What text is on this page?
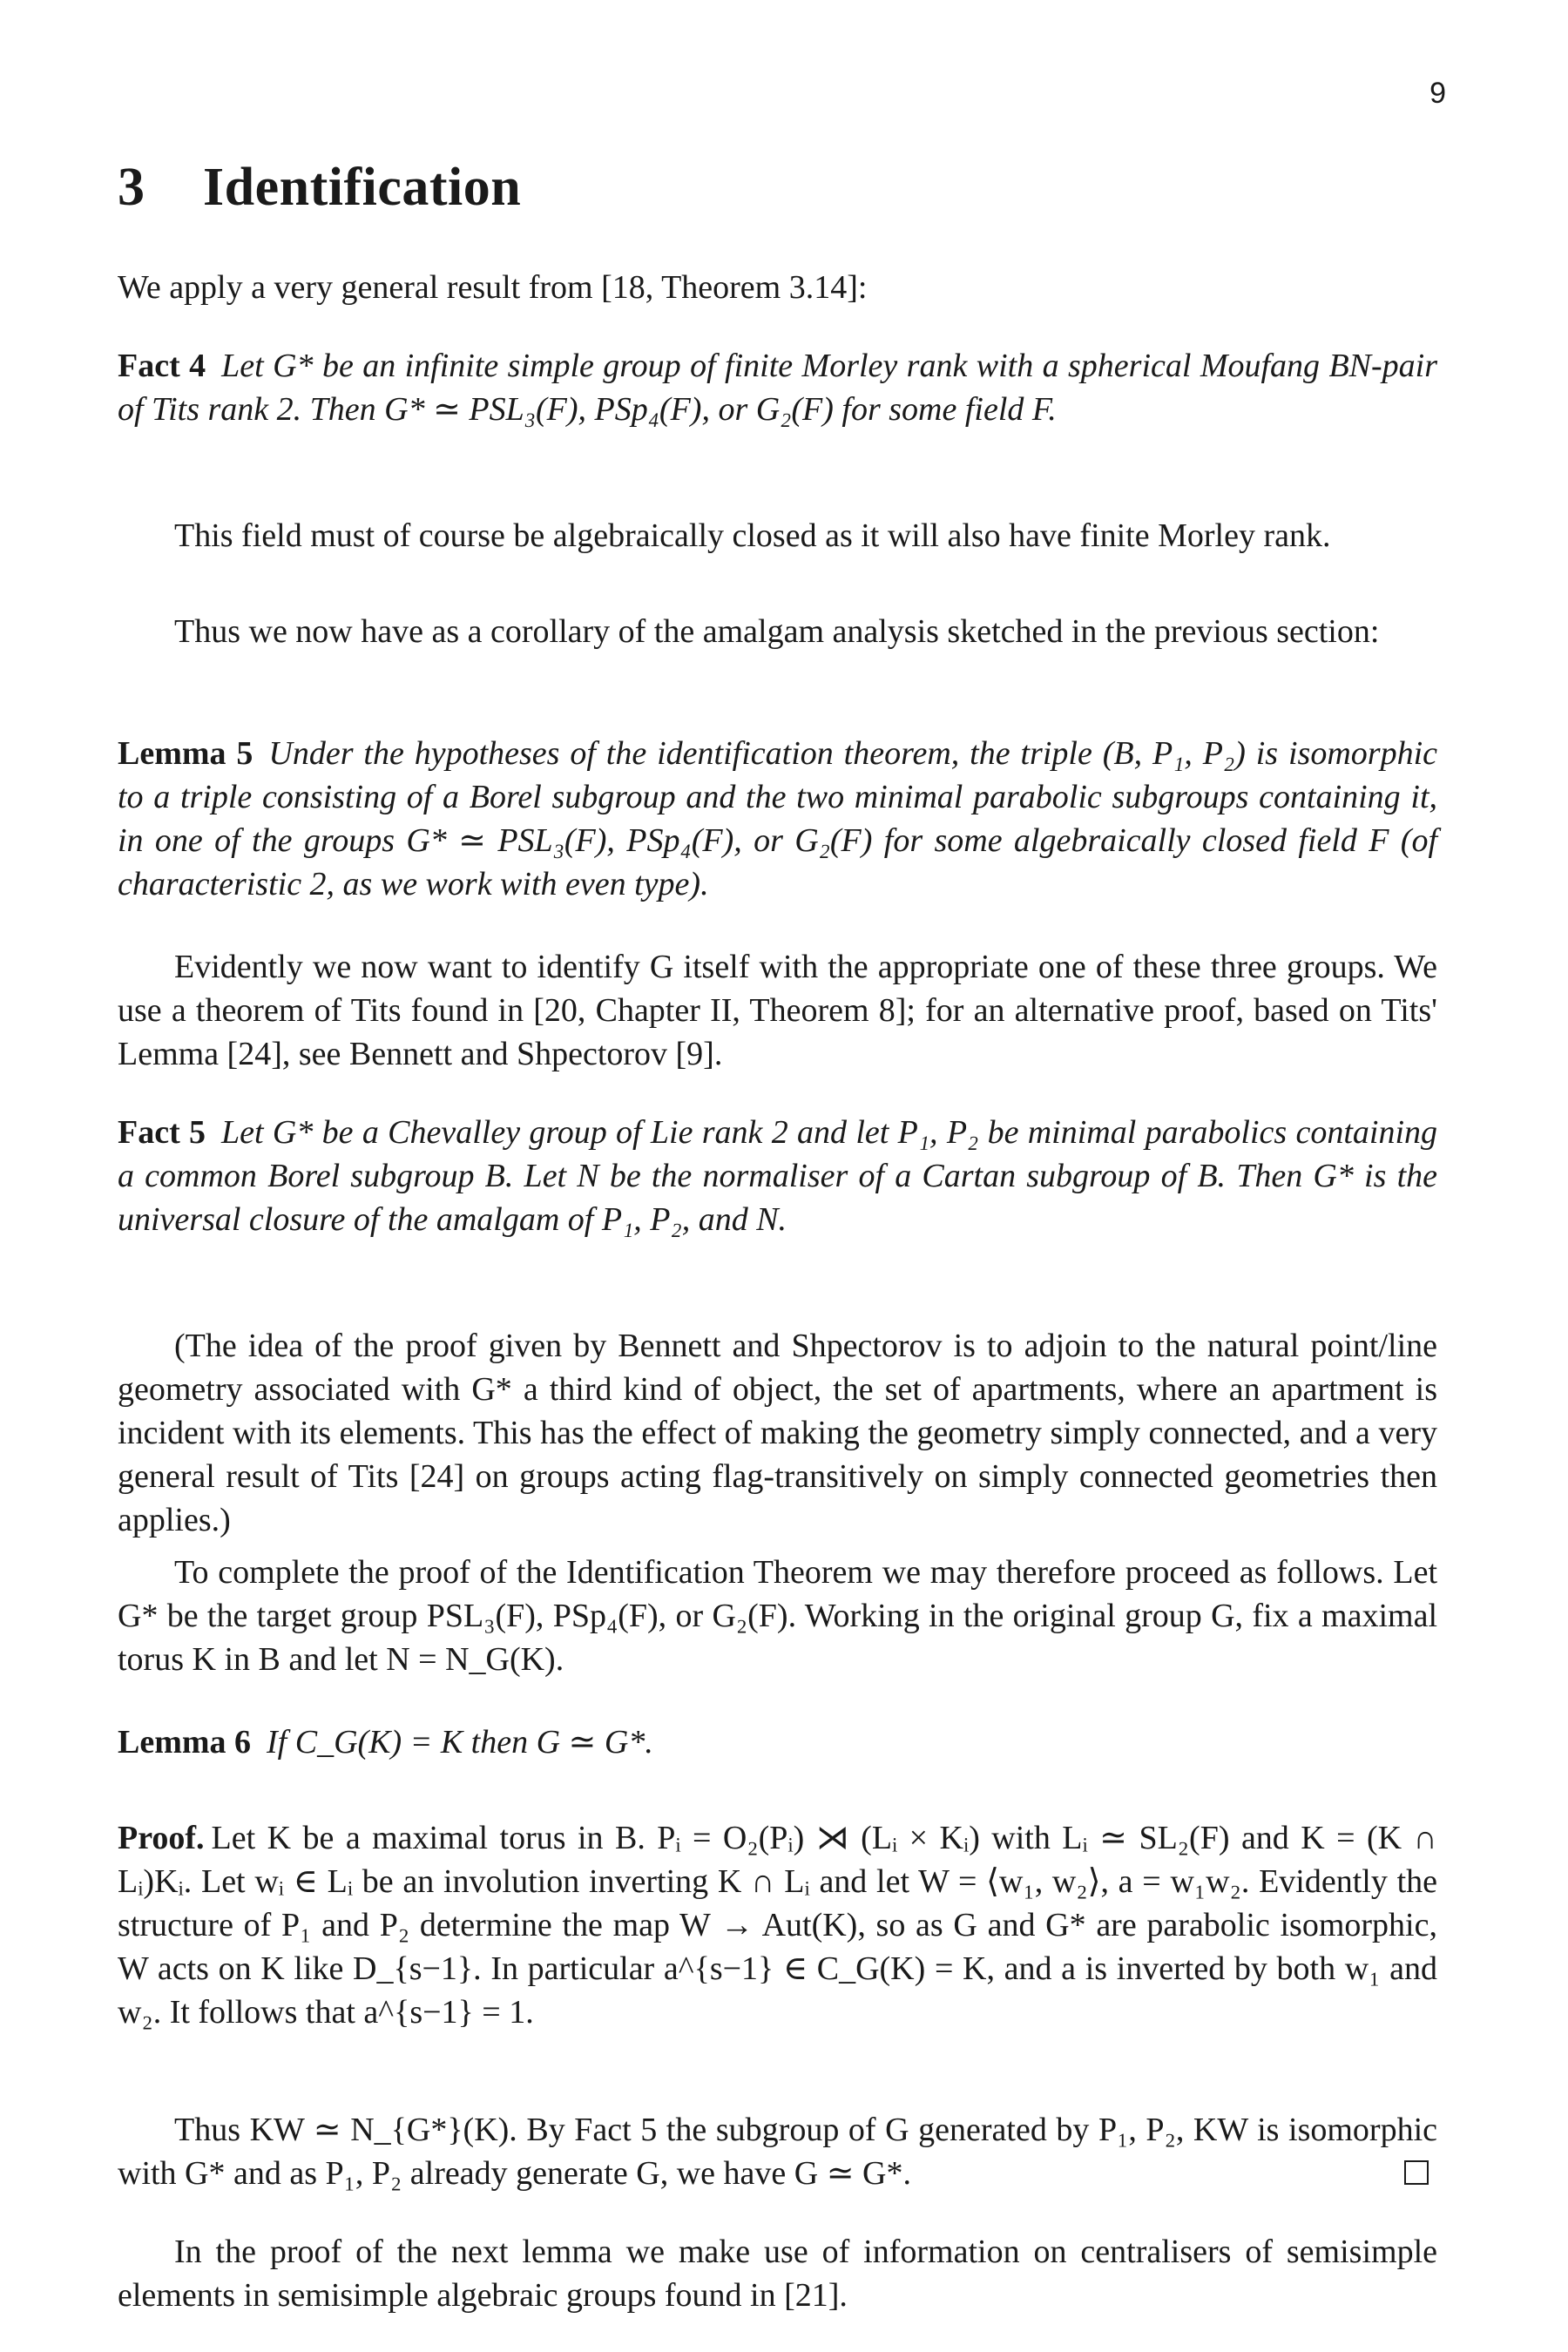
9
3 Identification

We apply a very general result from [18, Theorem 3.14]:

Fact 4 Let G* be an infinite simple group of finite Morley rank with a spherical Moufang BN-pair of Tits rank 2. Then G* ≃ PSL₃(F), PSp₄(F), or G₂(F) for some field F.

This field must of course be algebraically closed as it will also have finite Morley rank.

Thus we now have as a corollary of the amalgam analysis sketched in the previous section:

Lemma 5 Under the hypotheses of the identification theorem, the triple (B, P₁, P₂) is isomorphic to a triple consisting of a Borel subgroup and the two minimal parabolic subgroups containing it, in one of the groups G* ≃ PSL₃(F), PSp₄(F), or G₂(F) for some algebraically closed field F (of characteristic 2, as we work with even type).

Evidently we now want to identify G itself with the appropriate one of these three groups. We use a theorem of Tits found in [20, Chapter II, Theorem 8]; for an alternative proof, based on Tits' Lemma [24], see Bennett and Shpectorov [9].

Fact 5 Let G* be a Chevalley group of Lie rank 2 and let P₁, P₂ be minimal parabolics containing a common Borel subgroup B. Let N be the normaliser of a Cartan subgroup of B. Then G* is the universal closure of the amalgam of P₁, P₂, and N.

(The idea of the proof given by Bennett and Shpectorov is to adjoin to the natural point/line geometry associated with G* a third kind of object, the set of apartments, where an apartment is incident with its elements. This has the effect of making the geometry simply connected, and a very general result of Tits [24] on groups acting flag-transitively on simply connected geometries then applies.)

To complete the proof of the Identification Theorem we may therefore proceed as follows. Let G* be the target group PSL₃(F), PSp₄(F), or G₂(F). Working in the original group G, fix a maximal torus K in B and let N = N_G(K).

Lemma 6 If C_G(K) = K then G ≃ G*.

Proof. Let K be a maximal torus in B. Pᵢ = O₂(Pᵢ) ⋊ (Lᵢ × Kᵢ) with Lᵢ ≃ SL₂(F) and K = (K ∩ Lᵢ)Kᵢ. Let wᵢ ∈ Lᵢ be an involution inverting K ∩ Lᵢ and let W = ⟨w₁, w₂⟩, a = w₁w₂. Evidently the structure of P₁ and P₂ determine the map W → Aut(K), so as G and G* are parabolic isomorphic, W acts on K like D_{s−1}. In particular a^{s−1} ∈ C_G(K) = K, and a is inverted by both w₁ and w₂. It follows that a^{s−1} = 1.

Thus KW ≃ N_{G*}(K). By Fact 5 the subgroup of G generated by P₁, P₂, KW is isomorphic with G* and as P₁, P₂ already generate G, we have G ≃ G*.

In the proof of the next lemma we make use of information on centralisers of semisimple elements in semisimple algebraic groups found in [21].
